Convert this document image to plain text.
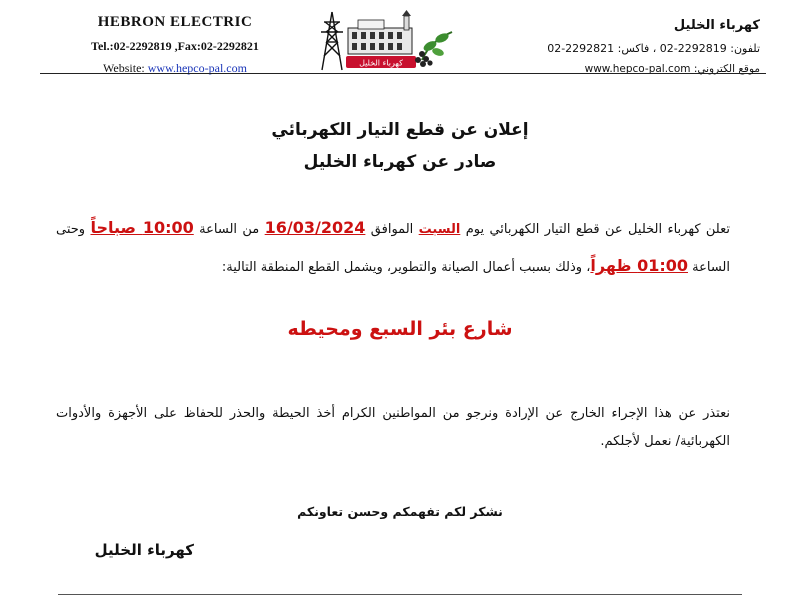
HEBRON ELECTRIC
Tel.:02-2292819 ,Fax:02-2292821
Website: www.hepco-pal.com	كهرباء الخليل
كهرباء الخليل
تلفون: 02-2292819 ، فاكس: 02-2292821
موقع الكتروني: www.hepco-pal.com
إعلان عن قطع التيار الكهربائي
صادر عن كهرباء الخليل
تعلن كهرباء الخليل عن قطع التيار الكهربائي يوم السبت الموافق 16/03/2024 من الساعة 10:00 صباحاً وحتى الساعة 01:00 ظهراً، وذلك بسبب أعمال الصيانة والتطوير، ويشمل القطع المنطقة التالية:
شارع بئر السبع ومحيطه
نعتذر عن هذا الإجراء الخارج عن الإرادة ونرجو من المواطنين الكرام أخذ الحيطة والحذر للحفاظ على الأجهزة والأدوات الكهربائية/ نعمل لأجلكم.
نشكر لكم تفهمكم وحسن تعاونكم
كهرباء الخليل
